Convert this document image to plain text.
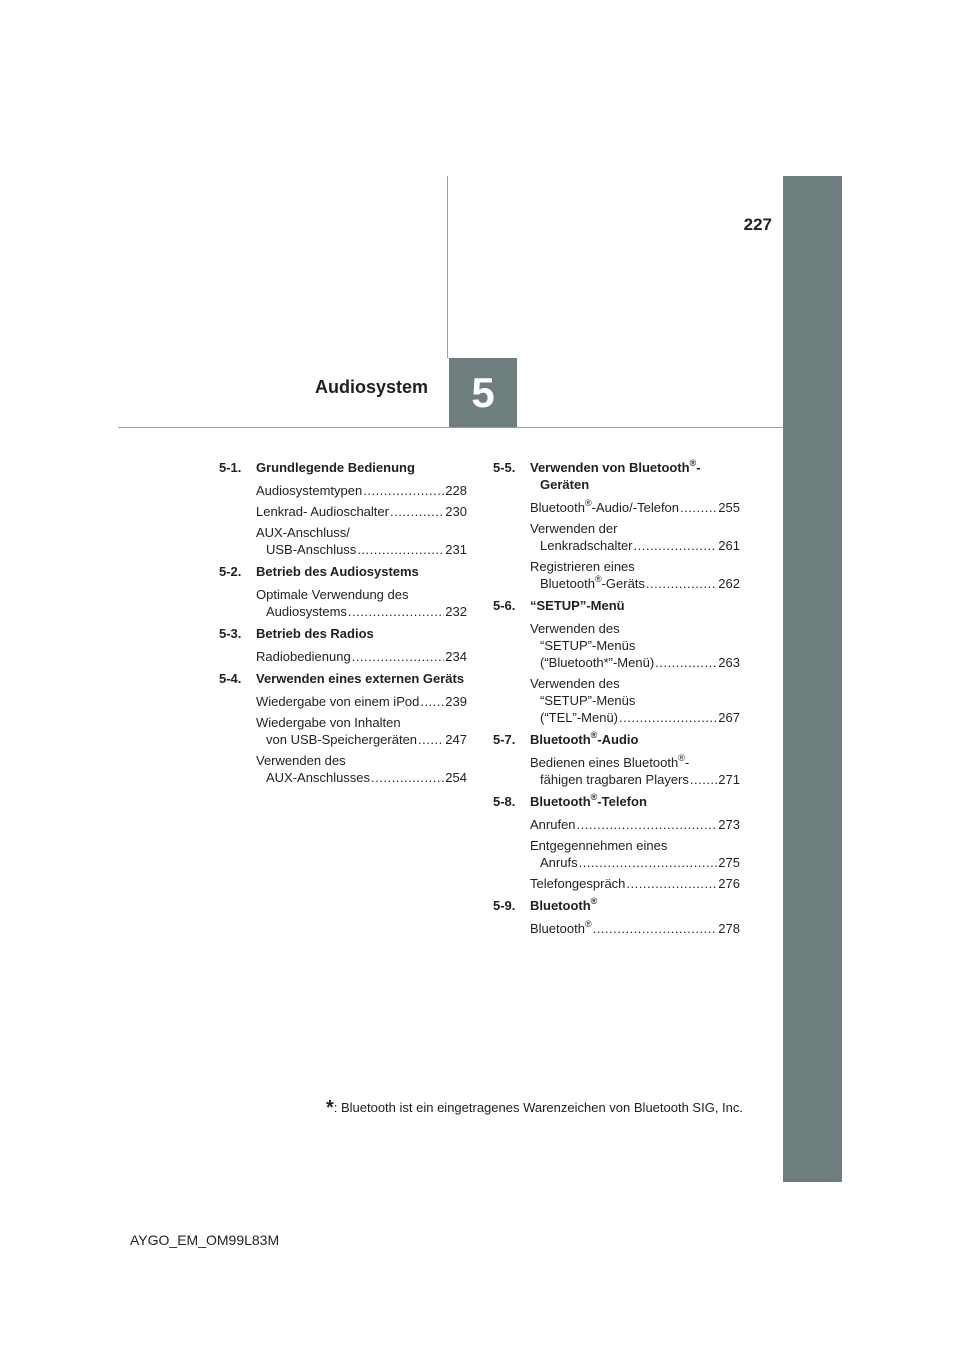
5
227
Audiosystem
5-1.	Grundlegende Bedienung
Audiosystemtypen .....	228
Lenkrad- Audioschalter .....	230
AUX-Anschluss/
USB-Anschluss .....	231
5-2.	Betrieb des Audiosystems
Optimale Verwendung des
Audiosystems .....	232
5-3.	Betrieb des Radios
Radiobedienung .....	234
5-4.	Verwenden eines externen Geräts
Wiedergabe von einem iPod ..... 239
Wiedergabe von Inhalten
von USB-Speichergeräten ..... 247
Verwenden des
AUX-Anschlusses .....	254
5-5.	Verwenden von Bluetooth®-
Geräten
Bluetooth®-Audio/-Telefon .....	255
Verwenden der
Lenkradschalter .....	261
Registrieren eines
Bluetooth®-Geräts .....	262
5-6.	“SETUP”-Menü
Verwenden des
“SETUP”-Menüs
(“Bluetooth*”-Menü) .....	263
Verwenden des
“SETUP”-Menüs
(“TEL”-Menü) .....	267
5-7.	Bluetooth®-Audio
Bedienen eines Bluetooth®-
fähigen tragbaren Players ..... 271
5-8.	Bluetooth®-Telefon
Anrufen .....	273
Entgegennehmen eines
Anrufs .....	275
Telefongespräch .....	276
5-9.	Bluetooth®
Bluetooth® .....	278
*: Bluetooth ist ein eingetragenes Warenzeichen von Bluetooth SIG, Inc.
AYGO_EM_OM99L83M
